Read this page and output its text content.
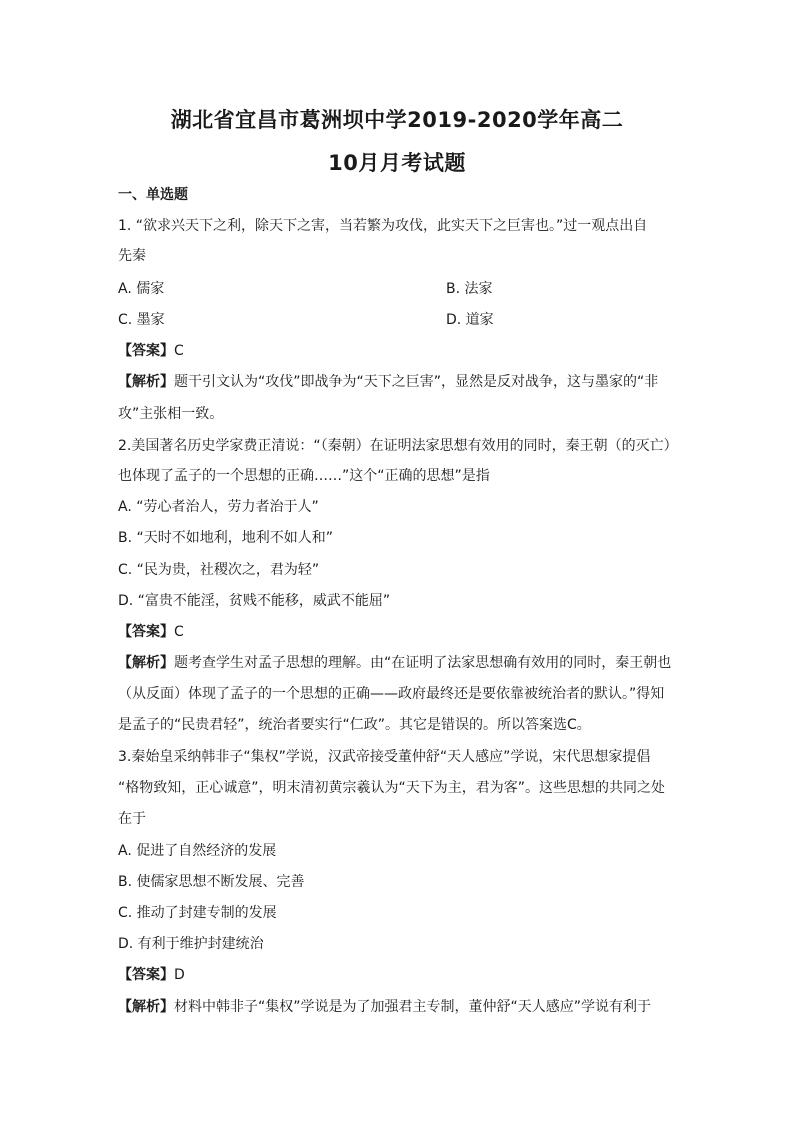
湖北省宜昌市葛洲坝中学2019-2020学年高二
10月月考试题
一、单选题
1. “欲求兴天下之利，除天下之害，当若繁为攻伐，此实天下之巨害也。”过一观点出自
先秦
A. 儒家	B. 法家
C. 墨家	D. 道家
【答案】C
【解析】题干引文认为“攻伐”即战争为“天下之巨害”，显然是反对战争，这与墨家的“非
攻”主张相一致。
2.美国著名历史学家费正清说：“（秦朝）在证明法家思想有效用的同时，秦王朝（的灭亡）
也体现了孟子的一个思想的正确……”这个“正确的思想”是指
A. “劳心者治人，劳力者治于人”
B. “天时不如地利，地利不如人和”
C. “民为贵，社稷次之，君为轻”
D. “富贵不能淫，贫贱不能移，威武不能屈”
【答案】C
【解析】题考查学生对孟子思想的理解。由“在证明了法家思想确有效用的同时，秦王朝也
（从反面）体现了孟子的一个思想的正确——政府最终还是要依靠被统治者的默认。”得知
是孟子的“民贵君轻”，统治者要实行“仁政”。其它是错误的。所以答案选C。
3.秦始皇采纳韩非子“集权”学说，汉武帝接受董仲舒“天人感应”学说，宋代思想家提倡
“格物致知，正心诚意”，明末清初黄宗羲认为“天下为主，君为客”。这些思想的共同之处
在于
A. 促进了自然经济的发展
B. 使儒家思想不断发展、完善
C. 推动了封建专制的发展
D. 有利于维护封建统治
【答案】D
【解析】材料中韩非子“集权”学说是为了加强君主专制，董仲舒“天人感应”学说有利于
